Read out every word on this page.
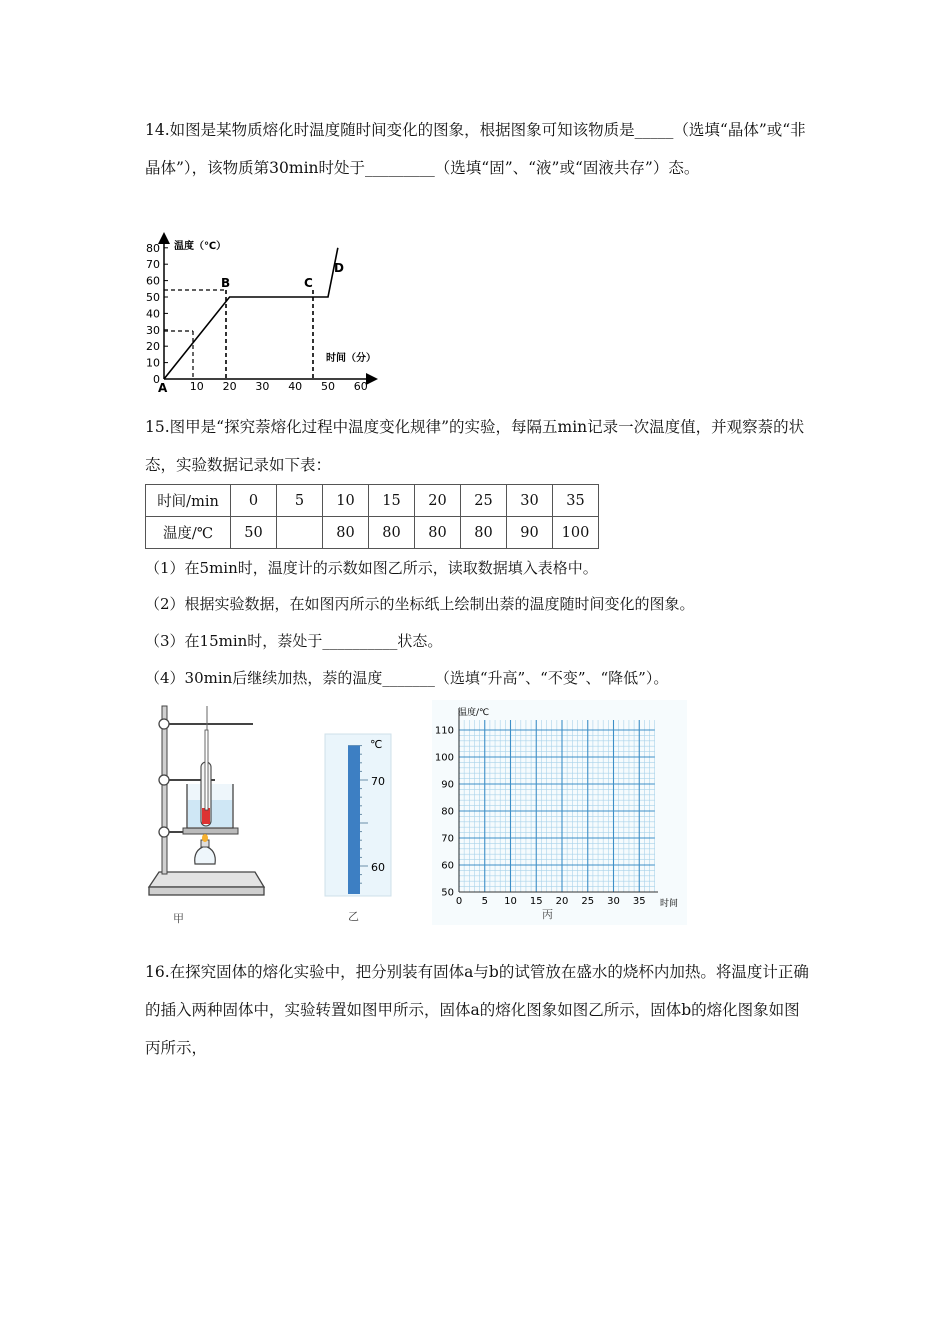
14.如图是某物质熔化时温度随时间变化的图象，根据图象可知该物质是_____（选填“晶体”或“非晶体”），该物质第30min时处于_________（选填“固”、“液”或“固液共存”）态。
0
10
20
30
40
50
60
70
80
10 20 30 40 50 60
温度（℃）
时间（分）
A
B	C
D
15.图甲是“探究萘熔化过程中温度变化规律”的实验，每隔五min记录一次温度值，并观察萘的状态，实验数据记录如下表：
时间/min	0	5	10	15	20	25	30	35
温度/℃	50		80	80	80	80	90	100
（1）在5min时，温度计的示数如图乙所示，读取数据填入表格中。
（2）根据实验数据，在如图丙所示的坐标纸上绘制出萘的温度随时间变化的图象。
（3）在15min时，萘处于__________状态。
（4）30min后继续加热，萘的温度_______（选填“升高”、“不变”、“降低”）。
甲
℃
70
60
乙
110
100
90
80
70
60
50
0 5 10 15 20 25 30 35
温度/℃
时间
丙
16.在探究固体的熔化实验中，把分别装有固体a与b的试管放在盛水的烧杯内加热。将温度计正确的插入两种固体中，实验转置如图甲所示，固体a的熔化图象如图乙所示，固体b的熔化图象如图丙所示，
